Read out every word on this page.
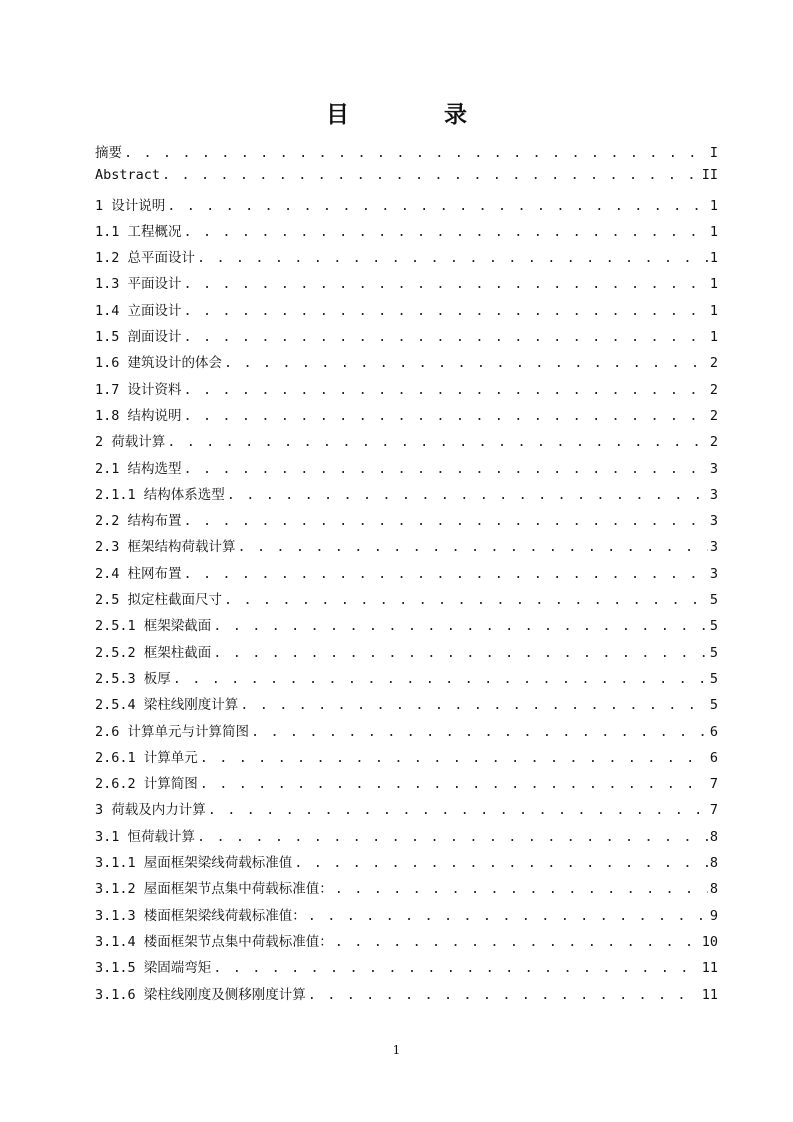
目　录
摘要 . . .	I
Abstract . . .	II
1 设计说明 . . .	1
1.1 工程概况 . . .	1
1.2 总平面设计 . . .	1
1.3 平面设计 . . .	1
1.4 立面设计 . . .	1
1.5 剖面设计 . . .	1
1.6 建筑设计的体会 . . .	2
1.7 设计资料 . . .	2
1.8 结构说明 . . .	2
2 荷载计算 . . .	2
2.1 结构选型 . . .	3
2.1.1 结构体系选型 . . .	3
2.2 结构布置 . . .	3
2.3 框架结构荷载计算 . . .	3
2.4 柱网布置 . . .	3
2.5 拟定柱截面尺寸 . . .	5
2.5.1 框架梁截面 . . .	5
2.5.2 框架柱截面 . . .	5
2.5.3 板厚 . . .	5
2.5.4 梁柱线刚度计算 . . .	5
2.6 计算单元与计算简图 . . .	6
2.6.1 计算单元 . . .	6
2.6.2 计算简图 . . .	7
3 荷载及内力计算 . . .	7
3.1 恒荷载计算 . . .	8
3.1.1 屋面框架梁线荷载标准值 . . .	8
3.1.2 屋面框架节点集中荷载标准值： . . .	8
3.1.3 楼面框架梁线荷载标准值： . . .	9
3.1.4 楼面框架节点集中荷载标准值： . . .	10
3.1.5 梁固端弯矩 . . .	11
3.1.6 梁柱线刚度及侧移刚度计算 . . .	11
1
